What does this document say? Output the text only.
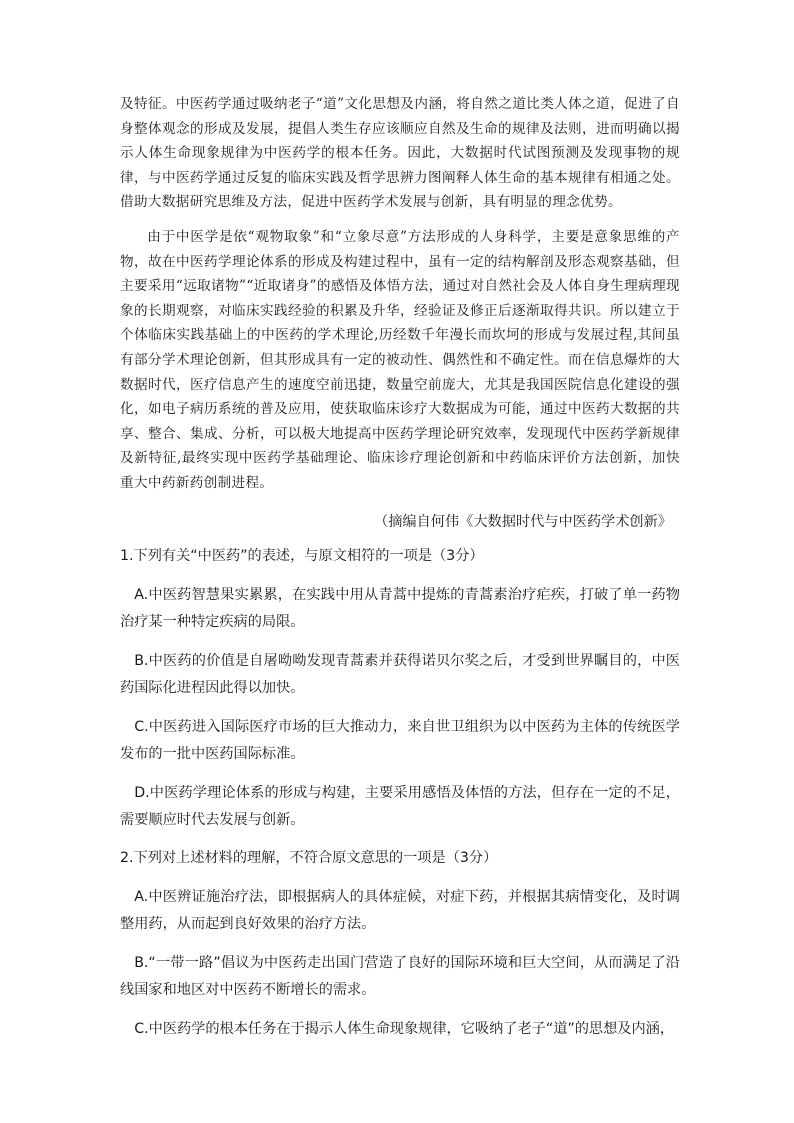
及特征。中医药学通过吸纳老子“道”文化思想及内涵，将自然之道比类人体之道，促进了自身整体观念的形成及发展，提倡人类生存应该顺应自然及生命的规律及法则，进而明确以揭示人体生命现象规律为中医药学的根本任务。因此，大数据时代试图预测及发现事物的规律，与中医药学通过反复的临床实践及哲学思辨力图阐释人体生命的基本规律有相通之处。借助大数据研究思维及方法，促进中医药学术发展与创新，具有明显的理念优势。

由于中医学是依“观物取象”和“立象尽意”方法形成的人身科学，主要是意象思维的产物，故在中医药学理论体系的形成及构建过程中，虽有一定的结构解剖及形态观察基础，但主要采用“远取诸物”“近取诸身”的感悟及体悟方法，通过对自然社会及人体自身生理病理现象的长期观察，对临床实践经验的积累及升华，经验证及修正后逐渐取得共识。所以建立于个体临床实践基础上的中医药的学术理论,历经数千年漫长而坎坷的形成与发展过程,其间虽有部分学术理论创新，但其形成具有一定的被动性、偶然性和不确定性。而在信息爆炸的大数据时代，医疗信息产生的速度空前迅捷，数量空前庞大，尤其是我国医院信息化建设的强化，如电子病历系统的普及应用，使获取临床诊疗大数据成为可能，通过中医药大数据的共享、整合、集成、分析，可以极大地提高中医药学理论研究效率，发现现代中医药学新规律及新特征,最终实现中医药学基础理论、临床诊疗理论创新和中药临床评价方法创新，加快重大中药新药创制进程。

（摘编自何伟《大数据时代与中医药学术创新》
1.下列有关“中医药”的表述，与原文相符的一项是（3分）
A.中医药智慧果实累累，在实践中用从青蒿中提炼的青蒿素治疗疟疾，打破了单一药物治疗某一种特定疾病的局限。
B.中医药的价值是自屠呦呦发现青蒿素并获得诺贝尔奖之后，才受到世界瞩目的，中医药国际化进程因此得以加快。
C.中医药进入国际医疗市场的巨大推动力，来自世卫组织为以中医药为主体的传统医学发布的一批中医药国际标准。
D.中医药学理论体系的形成与构建，主要采用感悟及体悟的方法，但存在一定的不足，需要顺应时代去发展与创新。
2.下列对上述材料的理解，不符合原文意思的一项是（3分）
A.中医辨证施治疗法，即根据病人的具体症候，对症下药，并根据其病情变化，及时调整用药，从而起到良好效果的治疗方法。
B.“一带一路”倡议为中医药走出国门营造了良好的国际环境和巨大空间，从而满足了沿线国家和地区对中医药不断增长的需求。
C.中医药学的根本任务在于揭示人体生命现象规律，它吸纳了老子“道”的思想及内涵，
